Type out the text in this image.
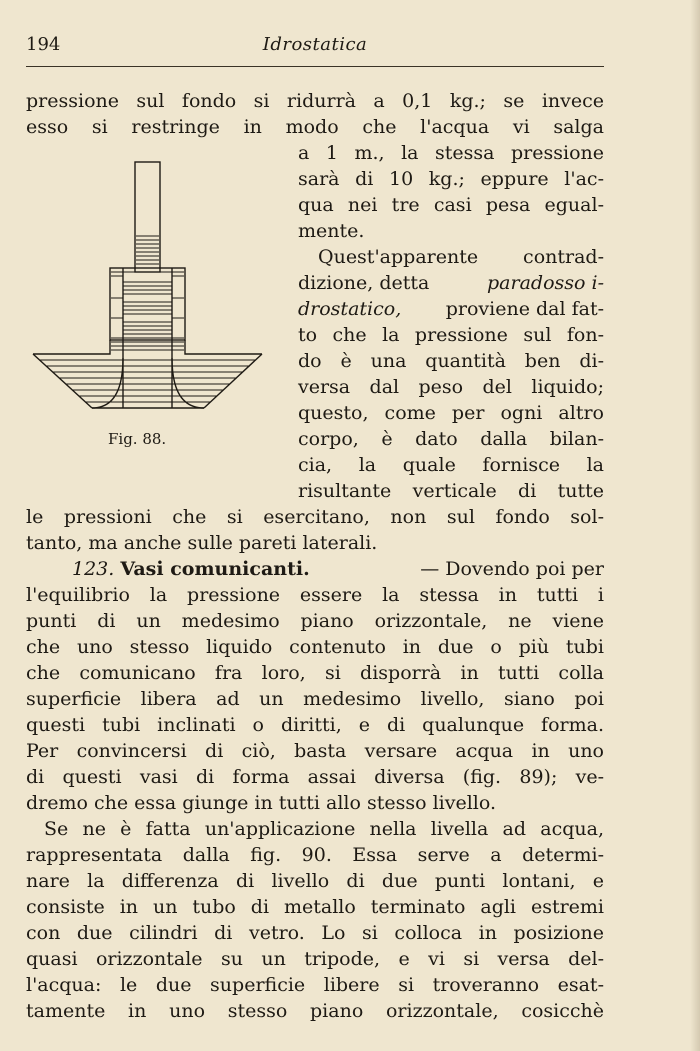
194	Idrostatica
pressione sul fondo si ridurrà a 0,1 kg.; se invece
esso si restringe in modo che l'acqua vi salga
Fig. 88.
a 1 m., la stessa pressione
sarà di 10 kg.; eppure l'ac-
qua nei tre casi pesa egual-
mente.
Quest'apparente contrad-
dizione, detta	paradosso i-
drostatico, proviene dal fat-
to che la pressione sul fon-
do è una quantità ben di-
versa dal peso del liquido;
questo, come per ogni altro
corpo, è dato dalla bilan-
cia, la quale fornisce la
risultante verticale di tutte
le pressioni che si esercitano, non sul fondo sol-
tanto, ma anche sulle pareti laterali.
123. Vasi comunicanti.	— Dovendo poi per
l'equilibrio la pressione essere la stessa in tutti i
punti di un medesimo piano orizzontale, ne viene
che uno stesso liquido contenuto in due o più tubi
che comunicano fra loro, si disporrà in tutti colla
superficie libera ad un medesimo livello, siano poi
questi tubi inclinati o diritti, e di qualunque forma.
Per convincersi di ciò, basta versare acqua in uno
di questi vasi di forma assai diversa (fig. 89); ve-
dremo che essa giunge in tutti allo stesso livello.
Se ne è fatta un'applicazione nella livella ad acqua,
rappresentata dalla fig. 90. Essa serve a determi-
nare la differenza di livello di due punti lontani, e
consiste in un tubo di metallo terminato agli estremi
con due cilindri di vetro. Lo si colloca in posizione
quasi orizzontale su un tripode, e vi si versa del-
l'acqua: le due superficie libere si troveranno esat-
tamente in uno stesso piano orizzontale, cosicchè
